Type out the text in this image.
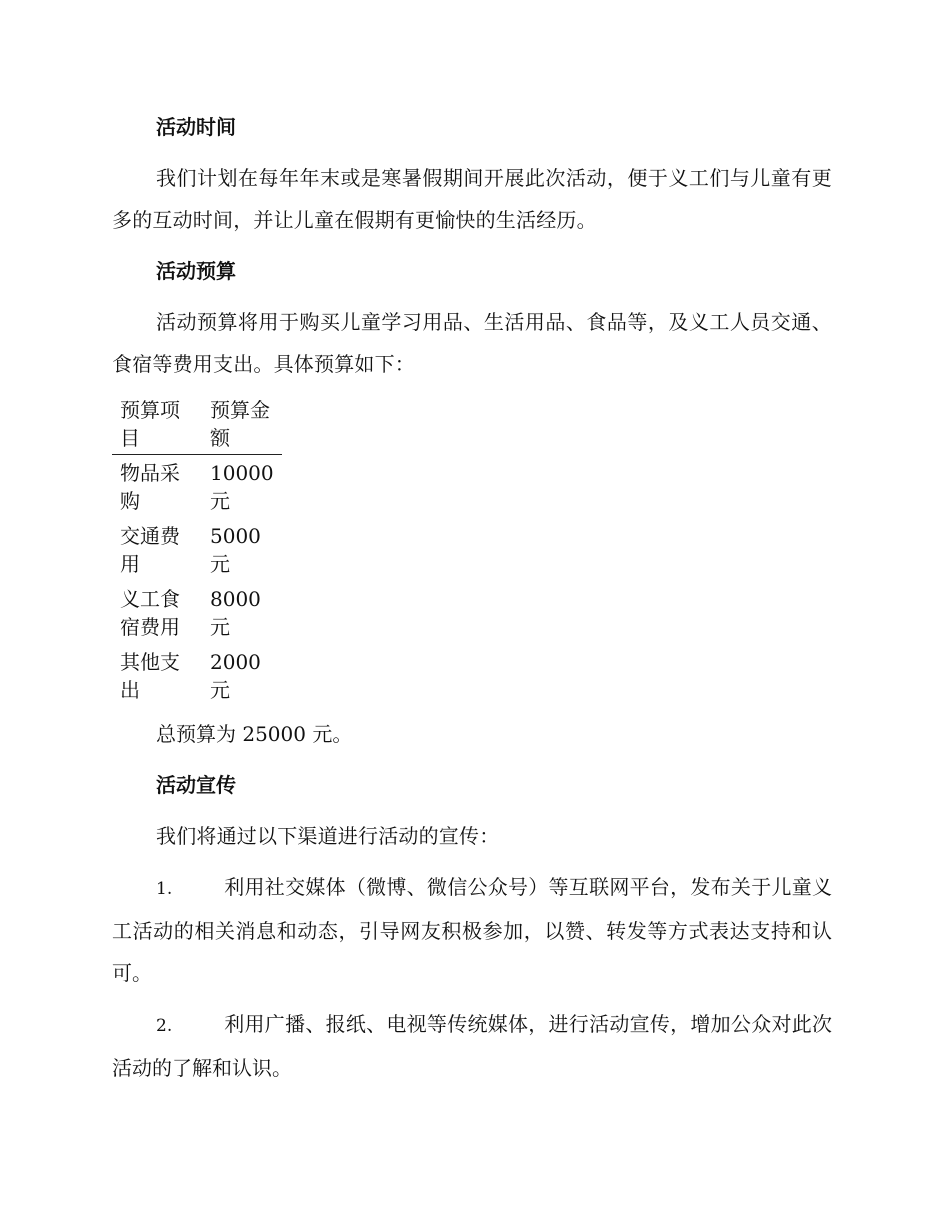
活动时间
我们计划在每年年末或是寒暑假期间开展此次活动，便于义工们与儿童有更多的互动时间，并让儿童在假期有更愉快的生活经历。
活动预算
活动预算将用于购买儿童学习用品、生活用品、食品等，及义工人员交通、食宿等费用支出。具体预算如下：
预算项目	预算金额
物品采购	10000元
交通费用	5000元
义工食宿费用	8000元
其他支出	2000元
总预算为 25000 元。
活动宣传
我们将通过以下渠道进行活动的宣传：
1.	利用社交媒体（微博、微信公众号）等互联网平台，发布关于儿童义工活动的相关消息和动态，引导网友积极参加，以赞、转发等方式表达支持和认可。
2.	利用广播、报纸、电视等传统媒体，进行活动宣传，增加公众对此次活动的了解和认识。
